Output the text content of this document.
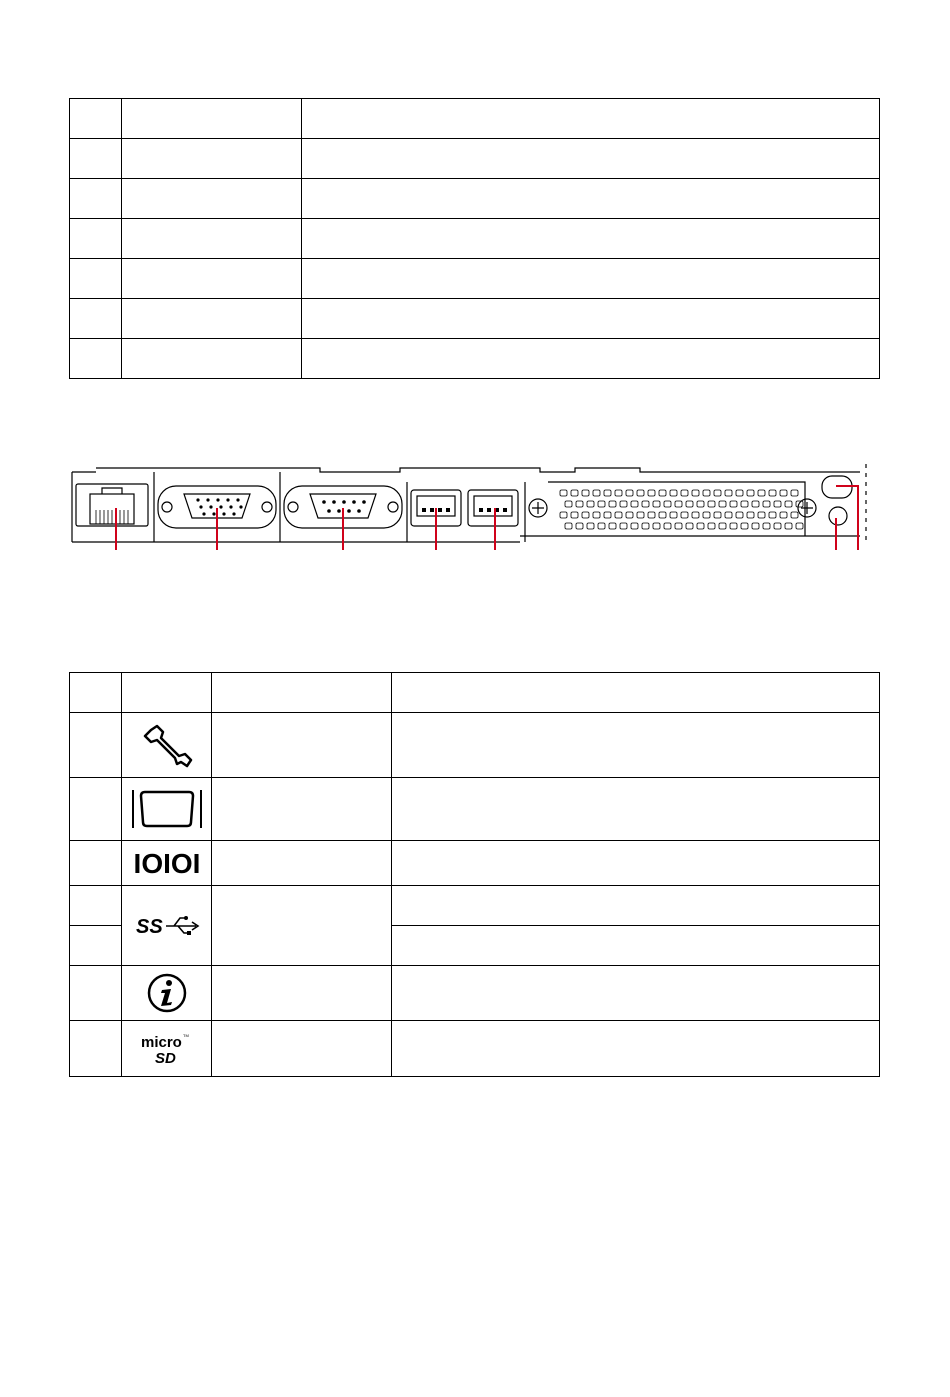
IOIOI		

SS		

micro
SD
TM		
